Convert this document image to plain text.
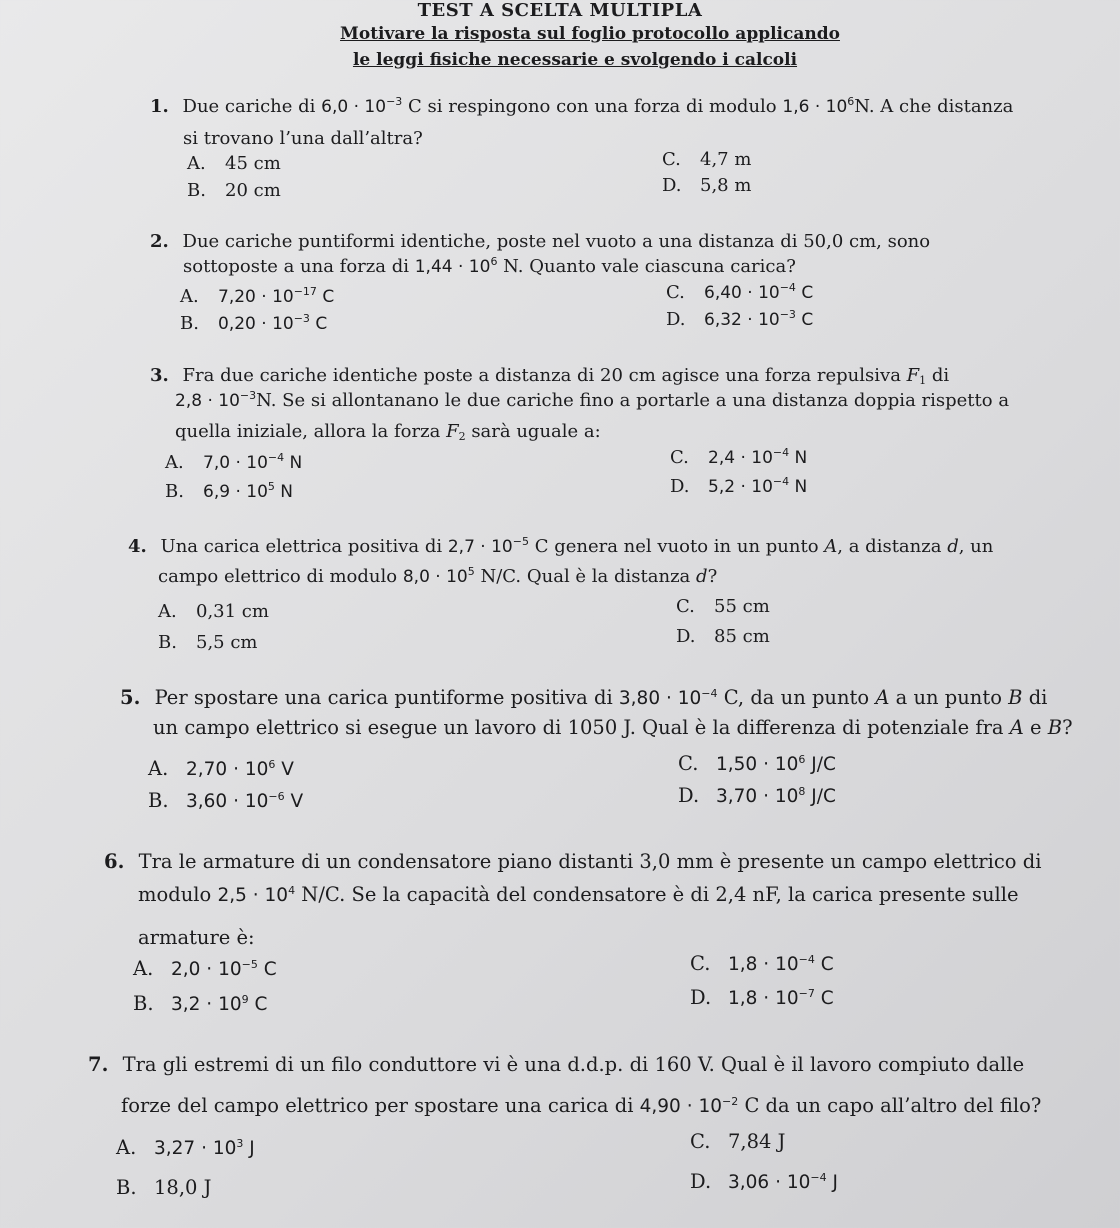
TEST A SCELTA MULTIPLA
Motivare la risposta sul foglio protocollo applicando
le leggi fisiche necessarie e svolgendo i calcoli
1. Due cariche di $6,0 \cdot 10^{-3}$ C si respingono con una forza di modulo $1,6 \cdot 10^6N$. A che distanza
si trovano l’una dall’altra?
A. 45 cm
B. 20 cm
C. 4,7 m
D. 5,8 m
2. Due cariche puntiformi identiche, poste nel vuoto a una distanza di 50,0 cm, sono
sottoposte a una forza di $1,44 \cdot 10^6$ N. Quanto vale ciascuna carica?
A. $7,20 \cdot 10^{-17}$ C
B. $0,20 \cdot 10^{-3}$ C
C. $6,40 \cdot 10^{-4}$ C
D. $6,32 \cdot 10^{-3}$ C
3. Fra due cariche identiche poste a distanza di 20 cm agisce una forza repulsiva $F_1$ di
$2,8 \cdot 10^{-3}N$. Se si allontanano le due cariche fino a portarle a una distanza doppia rispetto a
quella iniziale, allora la forza $F_2$ sarà uguale a:
A. $7,0 \cdot 10^{-4}$ N
B. $6,9 \cdot 10^5$ N
C. $2,4 \cdot 10^{-4}$ N
D. $5,2 \cdot 10^{-4}$ N
4. Una carica elettrica positiva di $2,7 \cdot 10^{-5}$ C genera nel vuoto in un punto A, a distanza d, un
campo elettrico di modulo $8,0 \cdot 10^5$ N/C. Qual è la distanza d?
A. 0,31 cm
B. 5,5 cm
C. 55 cm
D. 85 cm
5. Per spostare una carica puntiforme positiva di $3,80 \cdot 10^{-4}$ C, da un punto A a un punto B di
un campo elettrico si esegue un lavoro di 1050 J. Qual è la differenza di potenziale fra A e B?
A. $2,70 \cdot 10^6$ V
B. $3,60 \cdot 10^{-6}$ V
C. $1,50 \cdot 10^6$ J/C
D. $3,70 \cdot 10^8$ J/C
6. Tra le armature di un condensatore piano distanti 3,0 mm è presente un campo elettrico di
modulo $2,5 \cdot 10^4$ N/C. Se la capacità del condensatore è di 2,4 nF, la carica presente sulle
armature è:
A. $2,0 \cdot 10^{-5}$ C
B. $3,2 \cdot 10^9$ C
C. $1,8 \cdot 10^{-4}$ C
D. $1,8 \cdot 10^{-7}$ C
7. Tra gli estremi di un filo conduttore vi è una d.d.p. di 160 V. Qual è il lavoro compiuto dalle
forze del campo elettrico per spostare una carica di $4,90 \cdot 10^{-2}$ C da un capo all’altro del filo?
A. $3,27 \cdot 10^3$ J
B. 18,0 J
C. 7,84 J
D. $3,06 \cdot 10^{-4}$ J
